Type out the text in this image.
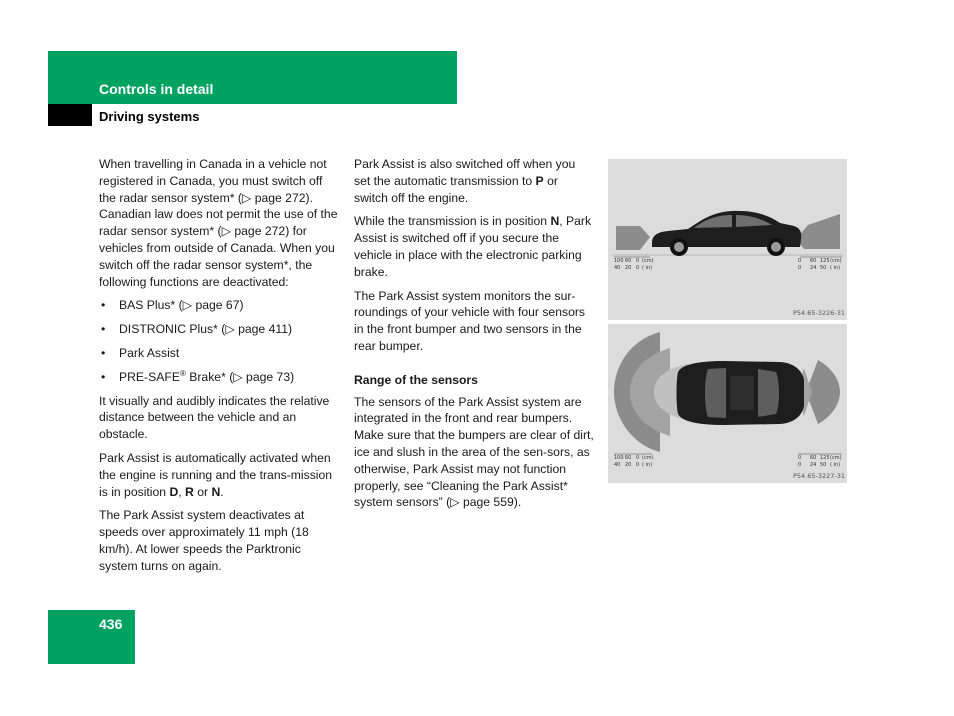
Controls in detail
Driving systems

When travelling in Canada in a vehicle not registered in Canada, you must switch off the radar sensor system* (▷ page 272). Canadian law does not permit the use of the radar sensor system* (▷ page 272) for vehicles from outside of Canada. When you switch off the radar sensor system*, the following functions are deactivated:

• BAS Plus* (▷ page 67)
• DISTRONIC Plus* (▷ page 411)
• Park Assist
• PRE-SAFE® Brake* (▷ page 73)

It visually and audibly indicates the relative distance between the vehicle and an obstacle.

Park Assist is automatically activated when the engine is running and the trans-mission is in position D, R or N.

The Park Assist system deactivates at speeds over approximately 11 mph (18 km/h). At lower speeds the Parktronic system turns on again.

Park Assist is also switched off when you set the automatic transmission to P or switch off the engine.

While the transmission is in position N, Park Assist is switched off if you secure the vehicle in place with the electronic parking brake.

The Park Assist system monitors the sur-roundings of your vehicle with four sensors in the front bumper and two sensors in the rear bumper.

Range of the sensors

The sensors of the Park Assist system are integrated in the front and rear bumpers. Make sure that the bumpers are clear of dirt, ice and slush in the area of the sen-sors, as otherwise, Park Assist may not function properly, see “Cleaning the Park Assist* system sensors” (▷ page 559).

10060 0 (cm)
40 20 0 ( in)
0 60 125(cm)
0 24 50 ( in)
P54.65-3226-31
10060 0 (cm)
40 20 0 ( in)
0 60 125(cm)
0 24 50 ( in)
P54.65-3227-31
436
